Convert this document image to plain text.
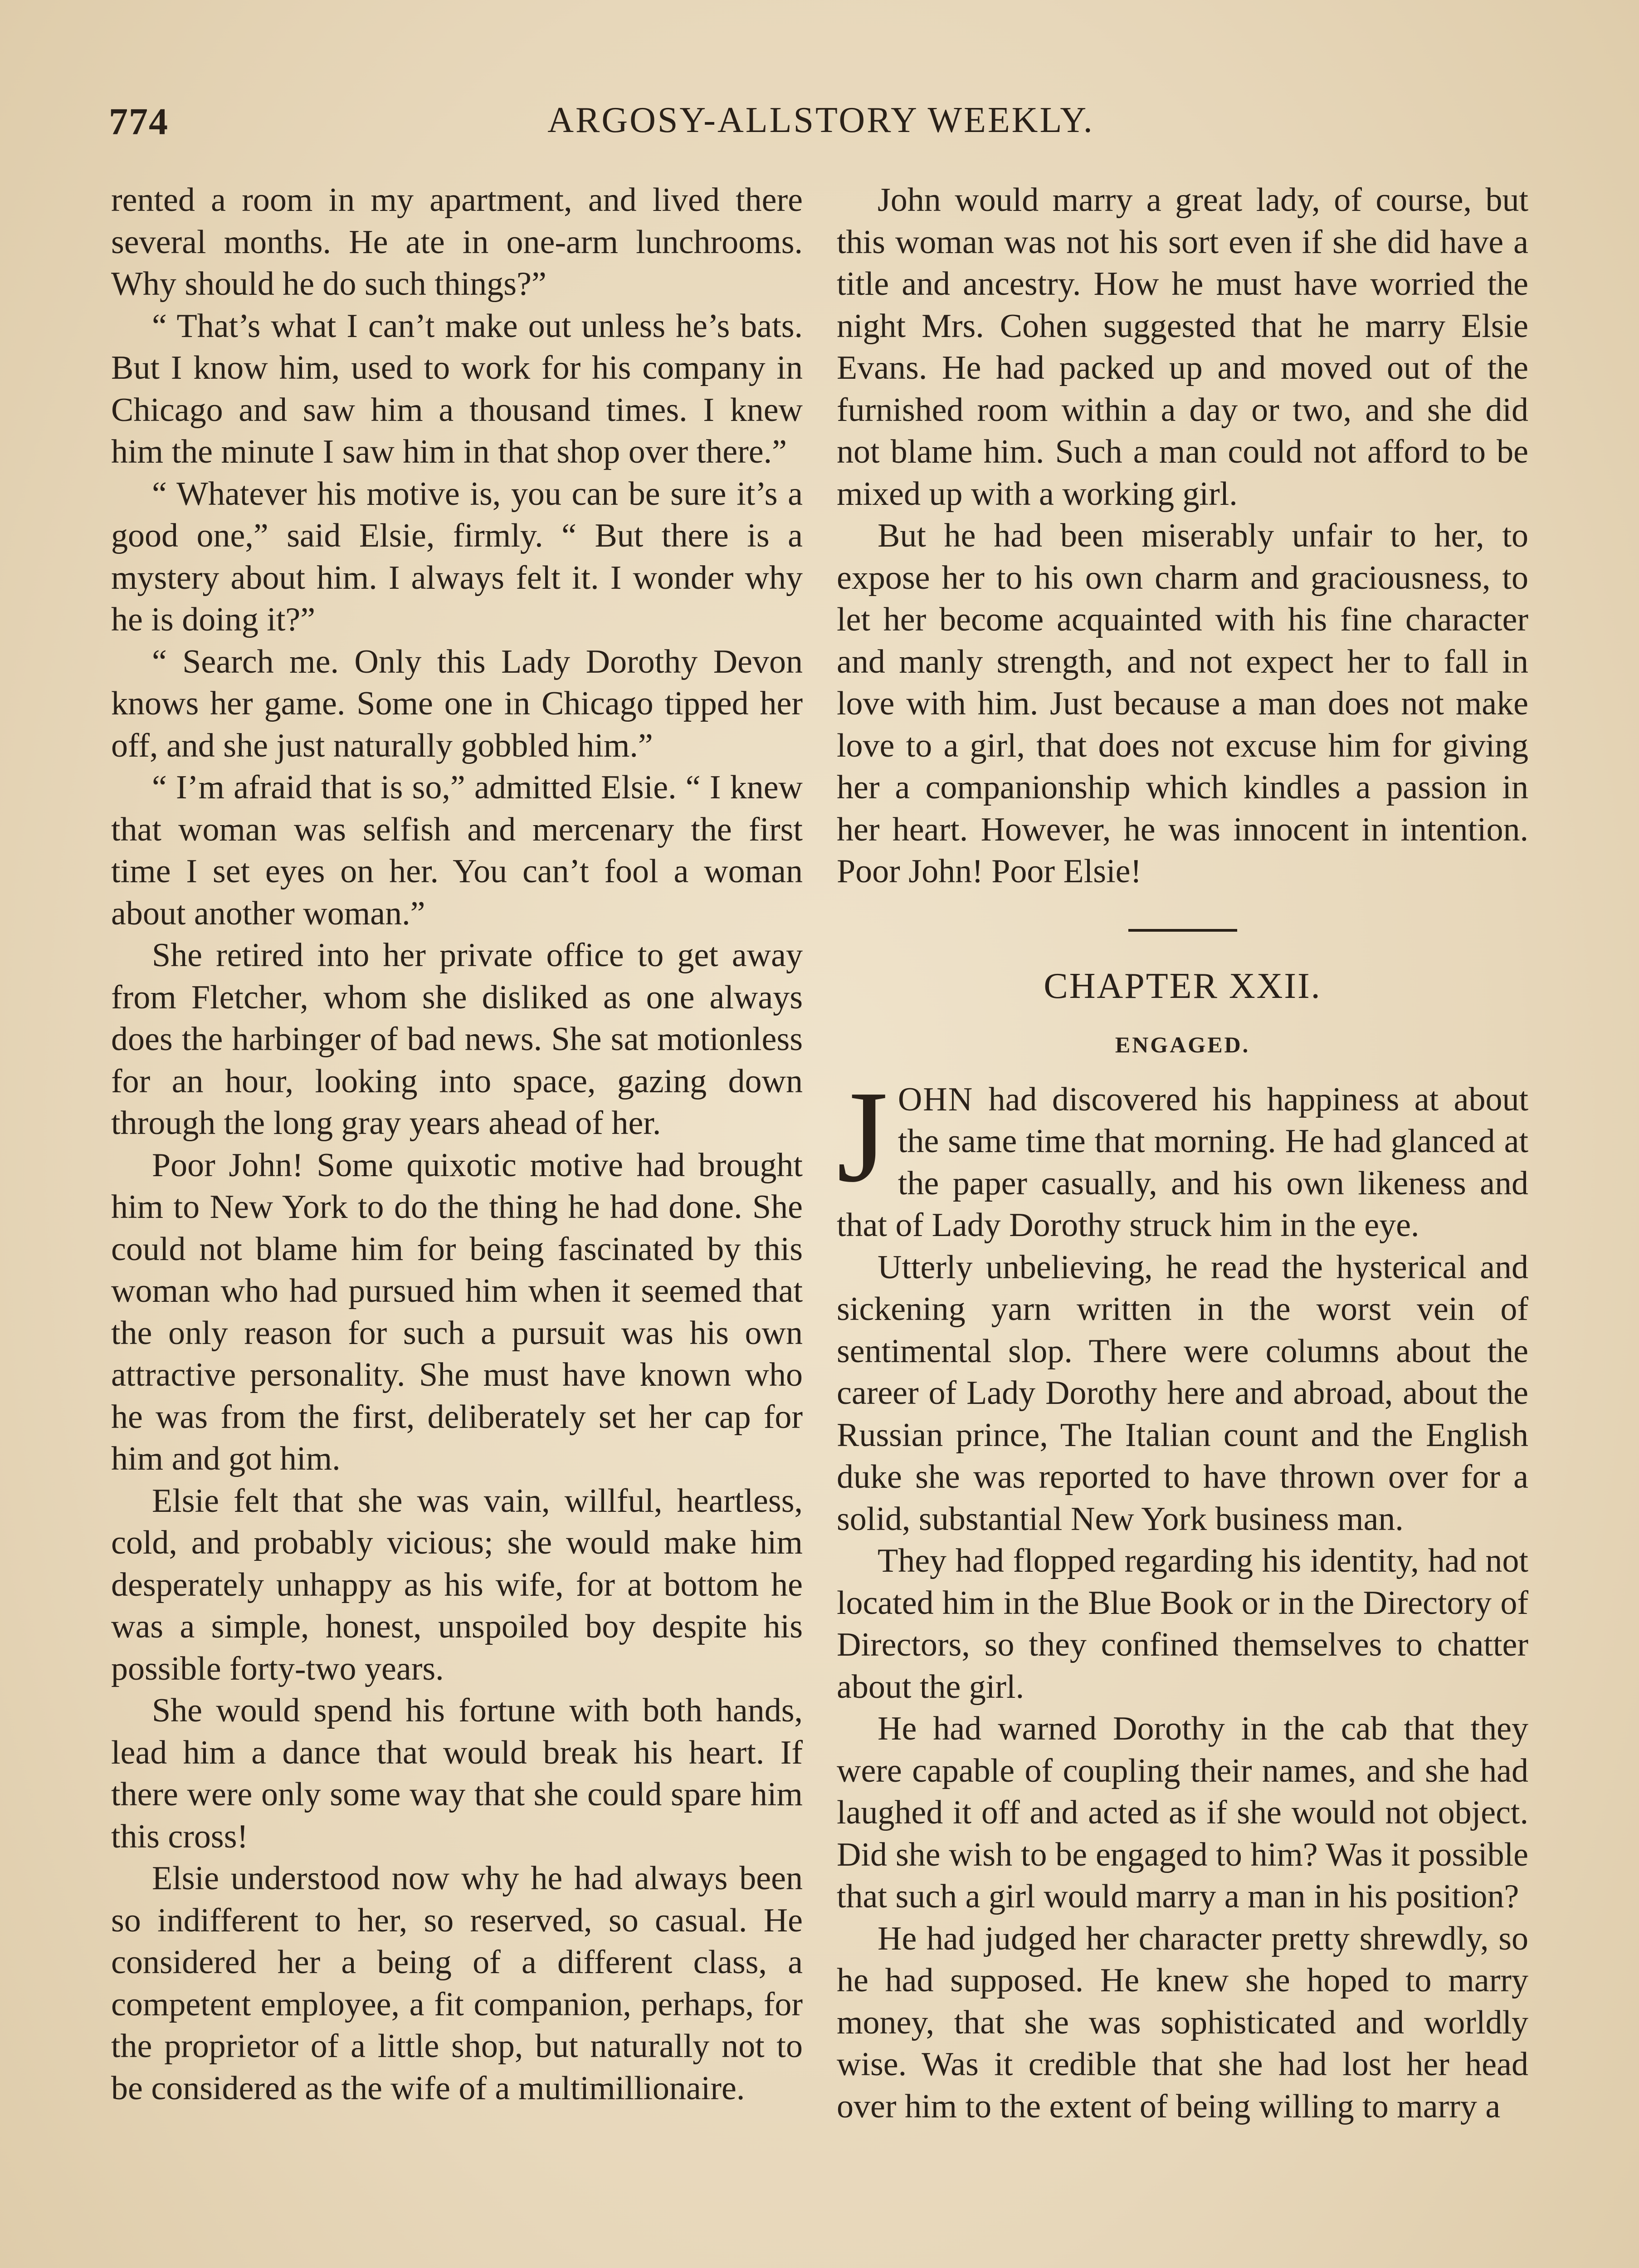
774	ARGOSY-ALLSTORY WEEKLY.

rented a room in my apartment, and lived there several months. He ate in one-arm lunchrooms. Why should he do such things?”

“ That’s what I can’t make out unless he’s bats. But I know him, used to work for his company in Chicago and saw him a thousand times. I knew him the minute I saw him in that shop over there.”

“ Whatever his motive is, you can be sure it’s a good one,” said Elsie, firmly. “ But there is a mystery about him. I always felt it. I wonder why he is doing it?”

“ Search me. Only this Lady Dorothy Devon knows her game. Some one in Chicago tipped her off, and she just naturally gobbled him.”

“ I’m afraid that is so,” admitted Elsie. “ I knew that woman was selfish and mercenary the first time I set eyes on her. You can’t fool a woman about another woman.”

She retired into her private office to get away from Fletcher, whom she disliked as one always does the harbinger of bad news. She sat motionless for an hour, looking into space, gazing down through the long gray years ahead of her.

Poor John! Some quixotic motive had brought him to New York to do the thing he had done. She could not blame him for being fascinated by this woman who had pursued him when it seemed that the only reason for such a pursuit was his own attractive personality. She must have known who he was from the first, deliberately set her cap for him and got him.

Elsie felt that she was vain, willful, heartless, cold, and probably vicious; she would make him desperately unhappy as his wife, for at bottom he was a simple, honest, unspoiled boy despite his possible forty-two years.

She would spend his fortune with both hands, lead him a dance that would break his heart. If there were only some way that she could spare him this cross!

Elsie understood now why he had always been so indifferent to her, so reserved, so casual. He considered her a being of a different class, a competent employee, a fit companion, perhaps, for the proprietor of a little shop, but naturally not to be considered as the wife of a multimillionaire.

John would marry a great lady, of course, but this woman was not his sort even if she did have a title and ancestry. How he must have worried the night Mrs. Cohen suggested that he marry Elsie Evans. He had packed up and moved out of the furnished room within a day or two, and she did not blame him. Such a man could not afford to be mixed up with a working girl.

But he had been miserably unfair to her, to expose her to his own charm and graciousness, to let her become acquainted with his fine character and manly strength, and not expect her to fall in love with him. Just because a man does not make love to a girl, that does not excuse him for giving her a companionship which kindles a passion in her heart. However, he was innocent in intention. Poor John! Poor Elsie!

CHAPTER XXII.
ENGAGED.

JOHN had discovered his happiness at about the same time that morning. He had glanced at the paper casually, and his own likeness and that of Lady Dorothy struck him in the eye.

Utterly unbelieving, he read the hysterical and sickening yarn written in the worst vein of sentimental slop. There were columns about the career of Lady Dorothy here and abroad, about the Russian prince, The Italian count and the English duke she was reported to have thrown over for a solid, substantial New York business man.

They had flopped regarding his identity, had not located him in the Blue Book or in the Directory of Directors, so they confined themselves to chatter about the girl.

He had warned Dorothy in the cab that they were capable of coupling their names, and she had laughed it off and acted as if she would not object. Did she wish to be engaged to him? Was it possible that such a girl would marry a man in his position?

He had judged her character pretty shrewdly, so he had supposed. He knew she hoped to marry money, that she was sophisticated and worldly wise. Was it credible that she had lost her head over him to the extent of being willing to marry a
